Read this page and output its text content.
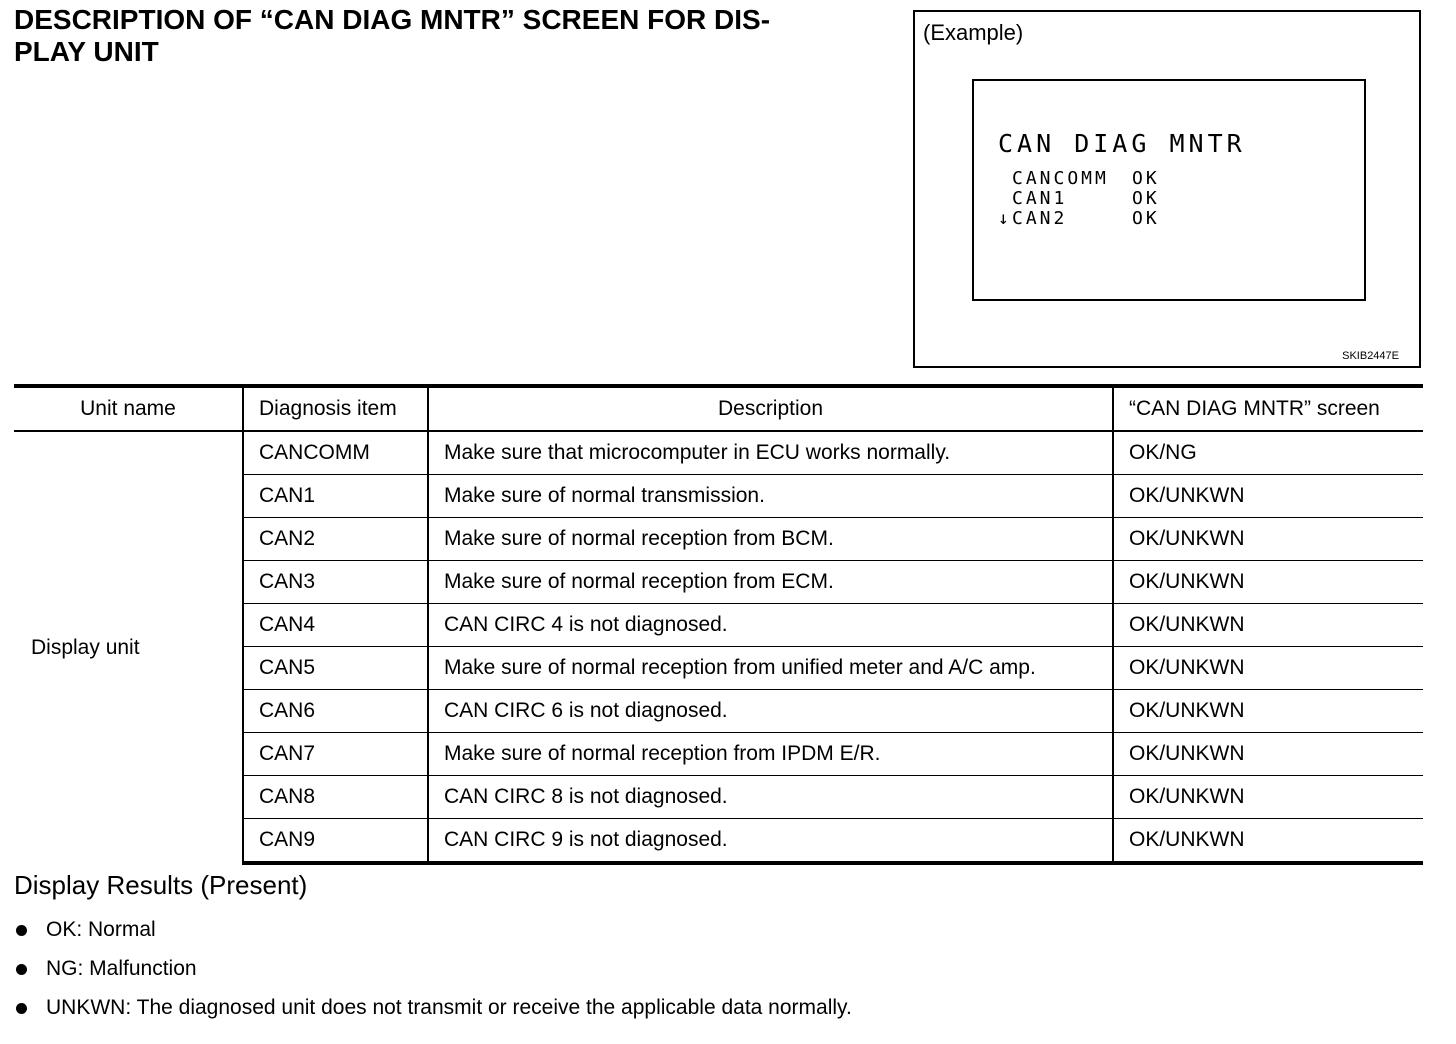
DESCRIPTION OF “CAN DIAG MNTR” SCREEN FOR DIS-
PLAY UNIT
(Example)
CAN DIAG MNTR
CANCOMM OK
CAN1	OK
↓ CAN2	OK
SKIB2447E
Unit name	Diagnosis item	Description	“CAN DIAG MNTR” screen
Display unit	CANCOMM	Make sure that microcomputer in ECU works normally.	OK/NG
	CAN1	Make sure of normal transmission.	OK/UNKWN
	CAN2	Make sure of normal reception from BCM.	OK/UNKWN
	CAN3	Make sure of normal reception from ECM.	OK/UNKWN
	CAN4	CAN CIRC 4 is not diagnosed.	OK/UNKWN
	CAN5	Make sure of normal reception from unified meter and A/C amp.	OK/UNKWN
	CAN6	CAN CIRC 6 is not diagnosed.	OK/UNKWN
	CAN7	Make sure of normal reception from IPDM E/R.	OK/UNKWN
	CAN8	CAN CIRC 8 is not diagnosed.	OK/UNKWN
	CAN9	CAN CIRC 9 is not diagnosed.	OK/UNKWN
Display Results (Present)
OK: Normal
NG: Malfunction
UNKWN: The diagnosed unit does not transmit or receive the applicable data normally.
